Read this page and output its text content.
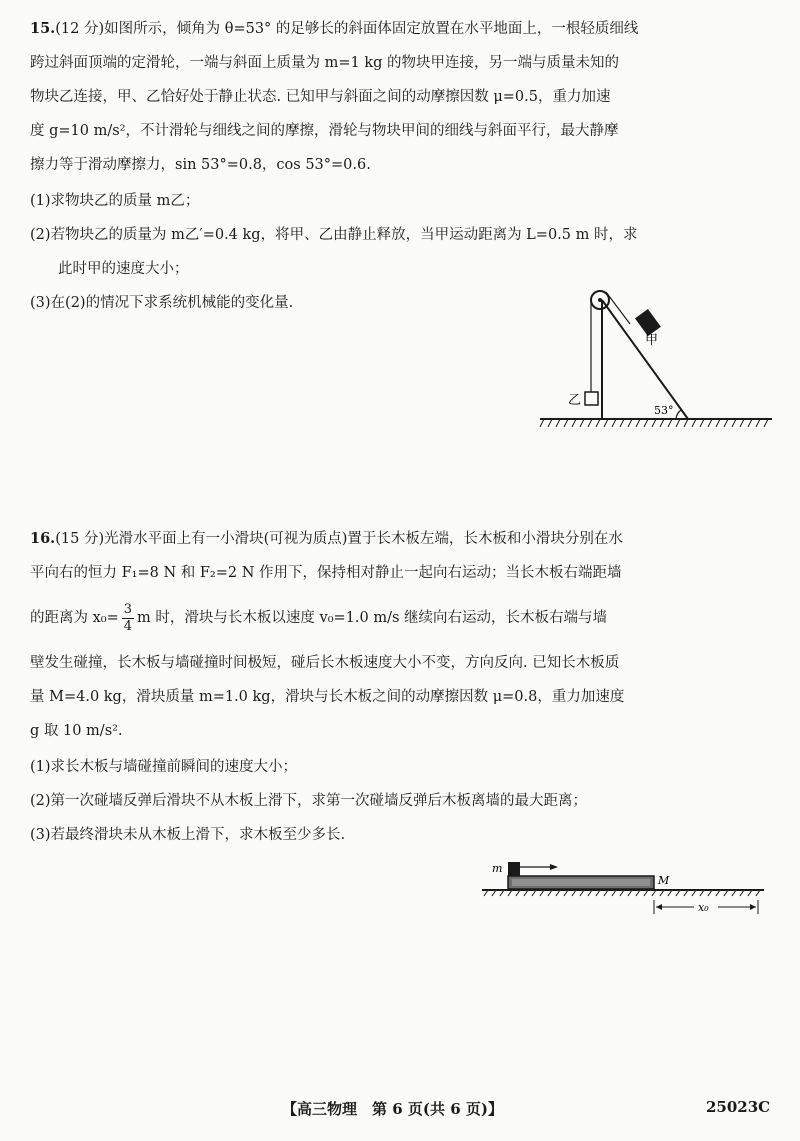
15.(12 分)如图所示，倾角为 θ=53° 的足够长的斜面体固定放置在水平地面上，一根轻质细线

跨过斜面顶端的定滑轮，一端与斜面上质量为 m=1 kg 的物块甲连接，另一端与质量未知的

物块乙连接，甲、乙恰好处于静止状态. 已知甲与斜面之间的动摩擦因数 μ=0.5，重力加速

度 g=10 m/s²，不计滑轮与细线之间的摩擦，滑轮与物块甲间的细线与斜面平行，最大静摩

擦力等于滑动摩擦力，sin 53°=0.8，cos 53°=0.6.

(1)求物块乙的质量 m乙；

(2)若物块乙的质量为 m乙′=0.4 kg，将甲、乙由静止释放，当甲运动距离为 L=0.5 m 时，求

此时甲的速度大小；

(3)在(2)的情况下求系统机械能的变化量.

乙
甲
53°

16.(15 分)光滑水平面上有一小滑块(可视为质点)置于长木板左端，长木板和小滑块分别在水

平向右的恒力 F₁=8 N 和 F₂=2 N 作用下，保持相对静止一起向右运动；当长木板右端距墙

的距离为 $x_0= \frac{3}{4}$ m 时，滑块与长木板以速度 v₀=1.0 m/s 继续向右运动，长木板右端与墙

壁发生碰撞，长木板与墙碰撞时间极短，碰后长木板速度大小不变，方向反向. 已知长木板质

量 M=4.0 kg，滑块质量 m=1.0 kg，滑块与长木板之间的动摩擦因数 μ=0.8，重力加速度

g 取 10 m/s².

(1)求长木板与墙碰撞前瞬间的速度大小；

(2)第一次碰墙反弹后滑块不从木板上滑下，求第一次碰墙反弹后木板离墙的最大距离；

(3)若最终滑块未从木板上滑下，求木板至少多长.

m
M
x₀
【高三物理　第 6 页(共 6 页)】	25023C
